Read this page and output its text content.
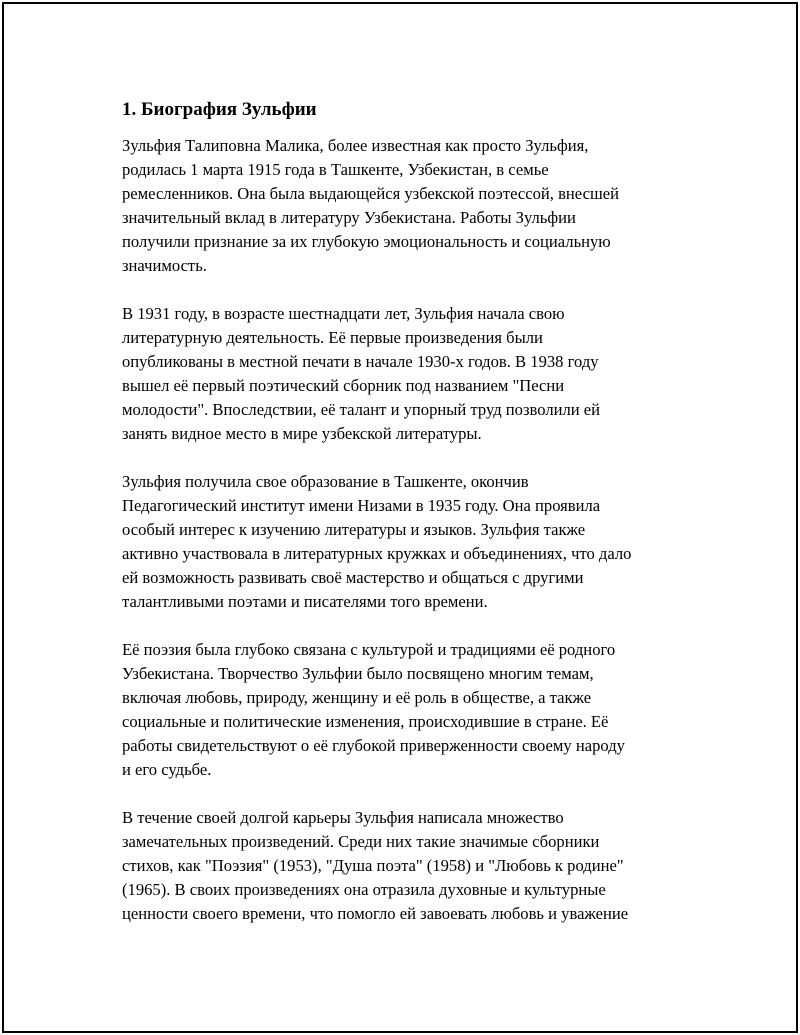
1. Биография Зульфии
Зульфия Талиповна Малика, более известная как просто Зульфия,
родилась 1 марта 1915 года в Ташкенте, Узбекистан, в семье
ремесленников. Она была выдающейся узбекской поэтессой, внесшей
значительный вклад в литературу Узбекистана. Работы Зульфии
получили признание за их глубокую эмоциональность и социальную
значимость.
В 1931 году, в возрасте шестнадцати лет, Зульфия начала свою
литературную деятельность. Её первые произведения были
опубликованы в местной печати в начале 1930-х годов. В 1938 году
вышел её первый поэтический сборник под названием "Песни
молодости". Впоследствии, её талант и упорный труд позволили ей
занять видное место в мире узбекской литературы.
Зульфия получила свое образование в Ташкенте, окончив
Педагогический институт имени Низами в 1935 году. Она проявила
особый интерес к изучению литературы и языков. Зульфия также
активно участвовала в литературных кружках и объединениях, что дало
ей возможность развивать своё мастерство и общаться с другими
талантливыми поэтами и писателями того времени.
Её поэзия была глубоко связана с культурой и традициями её родного
Узбекистана. Творчество Зульфии было посвящено многим темам,
включая любовь, природу, женщину и её роль в обществе, а также
социальные и политические изменения, происходившие в стране. Её
работы свидетельствуют о её глубокой приверженности своему народу
и его судьбе.
В течение своей долгой карьеры Зульфия написала множество
замечательных произведений. Среди них такие значимые сборники
стихов, как "Поэзия" (1953), "Душа поэта" (1958) и "Любовь к родине"
(1965). В своих произведениях она отразила духовные и культурные
ценности своего времени, что помогло ей завоевать любовь и уважение
